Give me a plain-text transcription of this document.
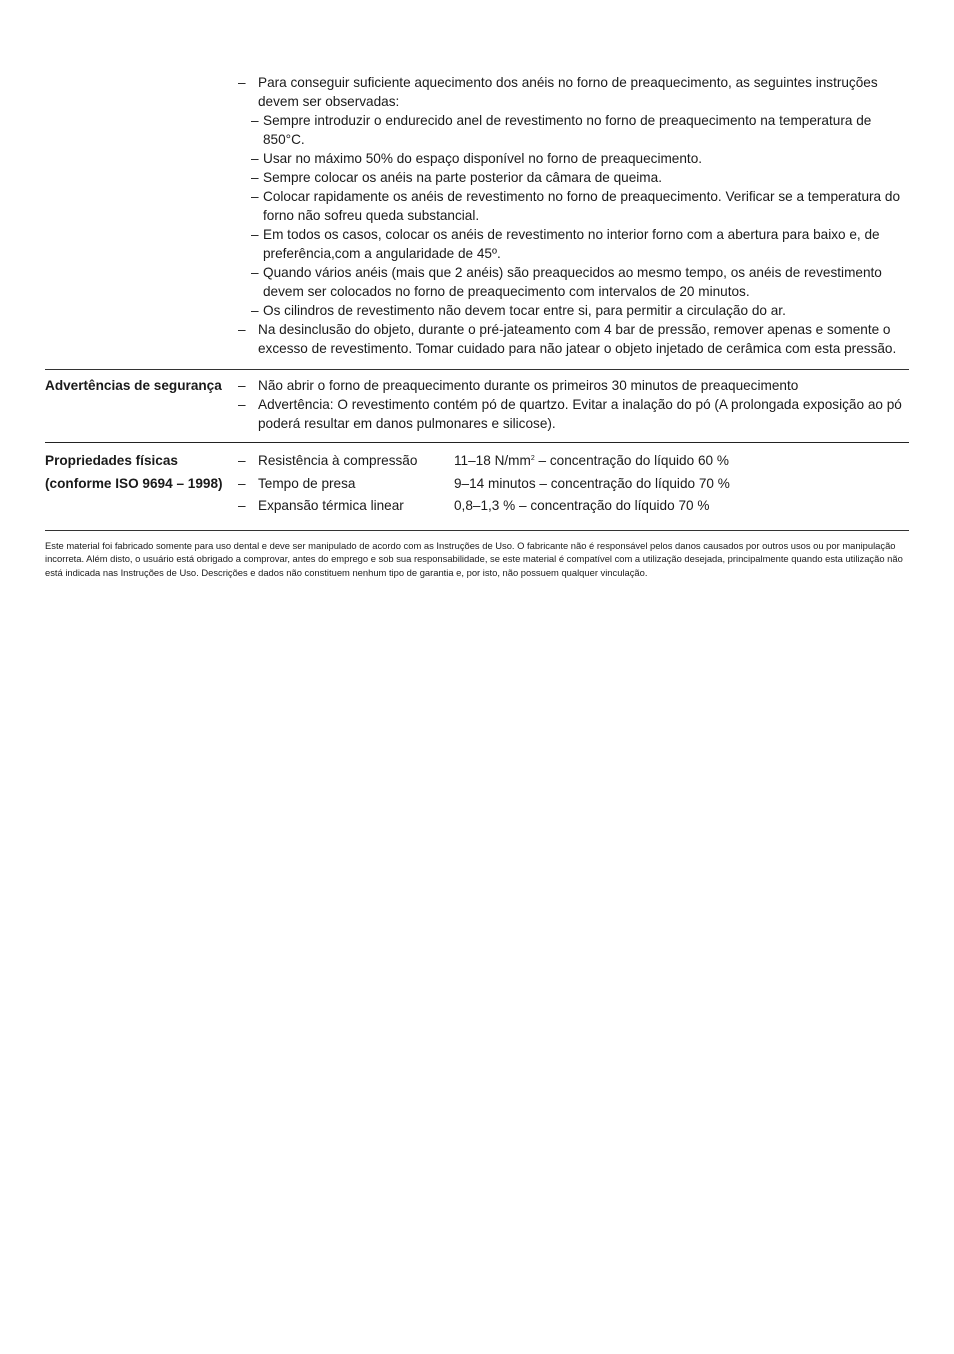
– Para conseguir suficiente aquecimento dos anéis no forno de preaquecimento, as seguintes instruções devem ser observadas:
– Sempre introduzir o endurecido anel de revestimento no forno de preaquecimento na temperatura de 850°C.
– Usar no máximo 50% do espaço disponível no forno de preaquecimento.
– Sempre colocar os anéis na parte posterior da câmara de queima.
– Colocar rapidamente os anéis de revestimento no forno de preaquecimento. Verificar se a temperatura do forno não sofreu queda substancial.
– Em todos os casos, colocar os anéis de revestimento no interior forno com a abertura para baixo e, de preferência,com a angularidade de 45º.
– Quando vários anéis (mais que 2 anéis) são preaquecidos ao mesmo tempo, os anéis de revestimento devem ser colocados no forno de preaquecimento com intervalos de 20 minutos.
– Os cilindros de revestimento não devem tocar entre si, para permitir a circulação do ar.
– Na desinclusão do objeto, durante o pré-jateamento com 4 bar de pressão, remover apenas e somente o excesso de revestimento. Tomar cuidado para não jatear o objeto injetado de cerâmica com esta pressão.
Advertências de segurança	– Não abrir o forno de preaquecimento durante os primeiros 30 minutos de preaquecimento
– Advertência: O revestimento contém pó de quartzo. Evitar a inalação do pó (A prolongada exposição ao pó poderá resultar em danos pulmonares e silicose).
Propriedades físicas	– Resistência à compressão	11–18 $N/mm^2$ – concentração do líquido 60 %
(conforme ISO 9694 – 1998)	– Tempo de presa	9–14 minutos – concentração do líquido 70 %
– Expansão térmica linear	0,8–1,3 % – concentração do líquido 70 %
Este material foi fabricado somente para uso dental e deve ser manipulado de acordo com as Instruções de Uso. O fabricante não é responsável pelos danos causados por outros usos ou por manipulação incorreta. Além disto, o usuário está obrigado a comprovar, antes do emprego e sob sua responsabilidade, se este material é compatível com a utilização desejada, principalmente quando esta utilização não está indicada nas Instruções de Uso. Descrições e dados não constituem nenhum tipo de garantia e, por isto, não possuem qualquer vinculação.
